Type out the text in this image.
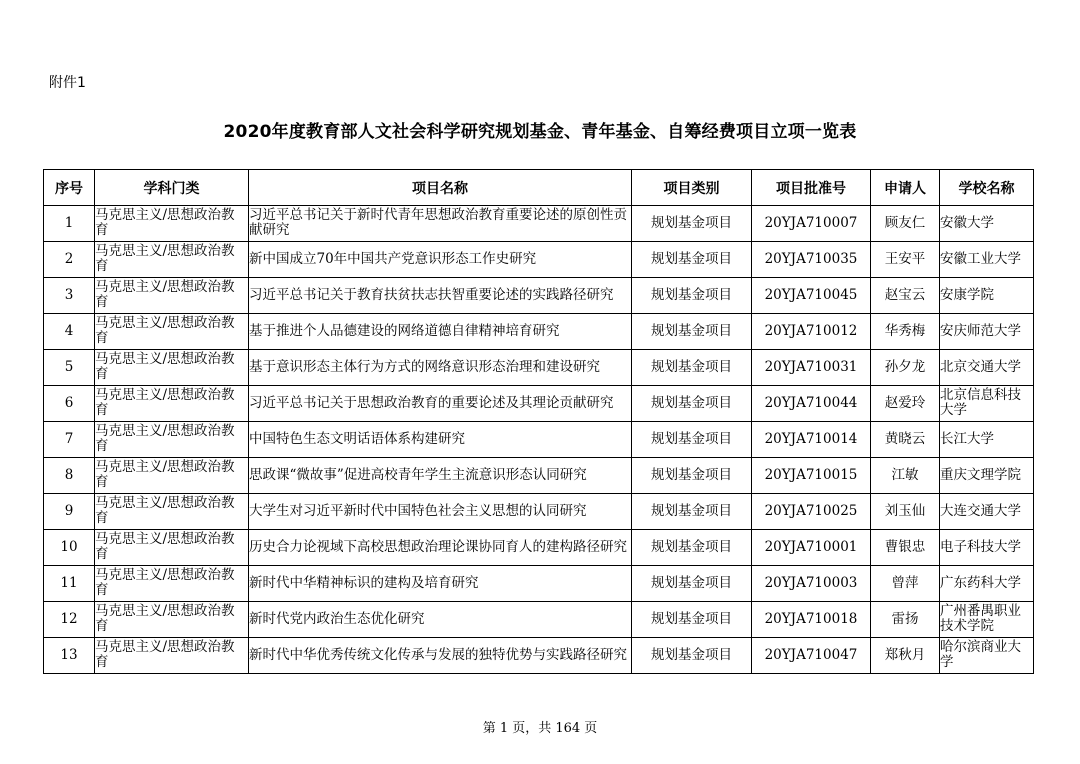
附件1
2020年度教育部人文社会科学研究规划基金、青年基金、自筹经费项目立项一览表
序号	学科门类	项目名称	项目类别	项目批准号	申请人	学校名称

1	马克思主义/思想政治教育	习近平总书记关于新时代青年思想政治教育重要论述的原创性贡献研究	规划基金项目	20YJA710007	顾友仁	安徽大学

2	马克思主义/思想政治教育	新中国成立70年中国共产党意识形态工作史研究	规划基金项目	20YJA710035	王安平	安徽工业大学

3	马克思主义/思想政治教育	习近平总书记关于教育扶贫扶志扶智重要论述的实践路径研究	规划基金项目	20YJA710045	赵宝云	安康学院

4	马克思主义/思想政治教育	基于推进个人品德建设的网络道德自律精神培育研究	规划基金项目	20YJA710012	华秀梅	安庆师范大学

5	马克思主义/思想政治教育	基于意识形态主体行为方式的网络意识形态治理和建设研究	规划基金项目	20YJA710031	孙夕龙	北京交通大学

6	马克思主义/思想政治教育	习近平总书记关于思想政治教育的重要论述及其理论贡献研究	规划基金项目	20YJA710044	赵爱玲	北京信息科技大学

7	马克思主义/思想政治教育	中国特色生态文明话语体系构建研究	规划基金项目	20YJA710014	黄晓云	长江大学

8	马克思主义/思想政治教育	思政课“微故事”促进高校青年学生主流意识形态认同研究	规划基金项目	20YJA710015	江敏	重庆文理学院

9	马克思主义/思想政治教育	大学生对习近平新时代中国特色社会主义思想的认同研究	规划基金项目	20YJA710025	刘玉仙	大连交通大学

10	马克思主义/思想政治教育	历史合力论视域下高校思想政治理论课协同育人的建构路径研究	规划基金项目	20YJA710001	曹银忠	电子科技大学

11	马克思主义/思想政治教育	新时代中华精神标识的建构及培育研究	规划基金项目	20YJA710003	曾萍	广东药科大学

12	马克思主义/思想政治教育	新时代党内政治生态优化研究	规划基金项目	20YJA710018	雷扬	广州番禺职业技术学院

13	马克思主义/思想政治教育	新时代中华优秀传统文化传承与发展的独特优势与实践路径研究	规划基金项目	20YJA710047	郑秋月	哈尔滨商业大学
第 1 页，共 164 页
